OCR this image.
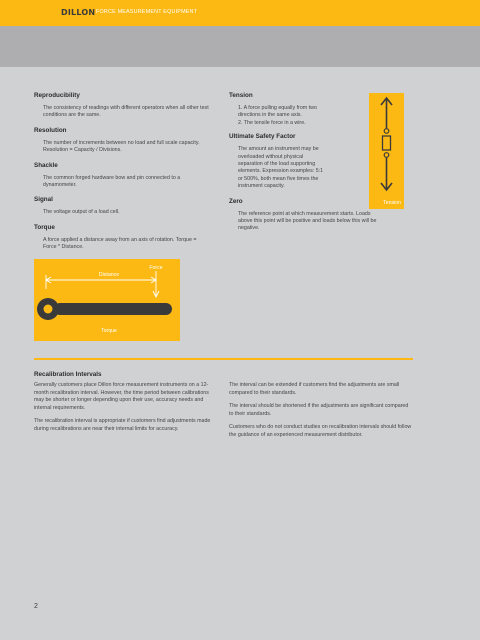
DILLON FORCE MEASUREMENT EQUIPMENT
Reproducibility
The consistency of readings with different operators when all other test conditions are the same.
Resolution
The number of increments between no load and full scale capacity. Resolution = Capacity / Divisions.
Shackle
The common forged hardware bow and pin connected to a dynamometer.
Signal
The voltage output of a load cell.
Torque
A force applied a distance away from an axis of rotation. Torque = Force * Distance.
Tension

1. A force pulling equally from two directions in the same axis.

2. The tensile force in a wire.

Ultimate Safety Factor
The amount an instrument may be overloaded without physical separation of the load supporting elements. Expression examples: 5:1 or 500%, both mean five times the instrument capacity.
Zero
The reference point at which measurement starts. Loads above this point will be positive and loads below this will be negative.
Tension
Force
Distance
Torque
Recalibration Intervals

Generally customers place Dillon force measurement instruments on a 12-month recalibration interval. However, the time period between calibrations may be shorter or longer depending upon their use, accuracy needs and internal requirements.

The recalibration interval is appropriate if customers find adjustments made during recalibrations are near their internal limits for accuracy.

The interval can be extended if customers find the adjustments are small compared to their standards.

The interval should be shortened if the adjustments are significant compared to their standards.

Customers who do not conduct studies on recalibration intervals should follow the guidance of an experienced measurement distributor.

2
